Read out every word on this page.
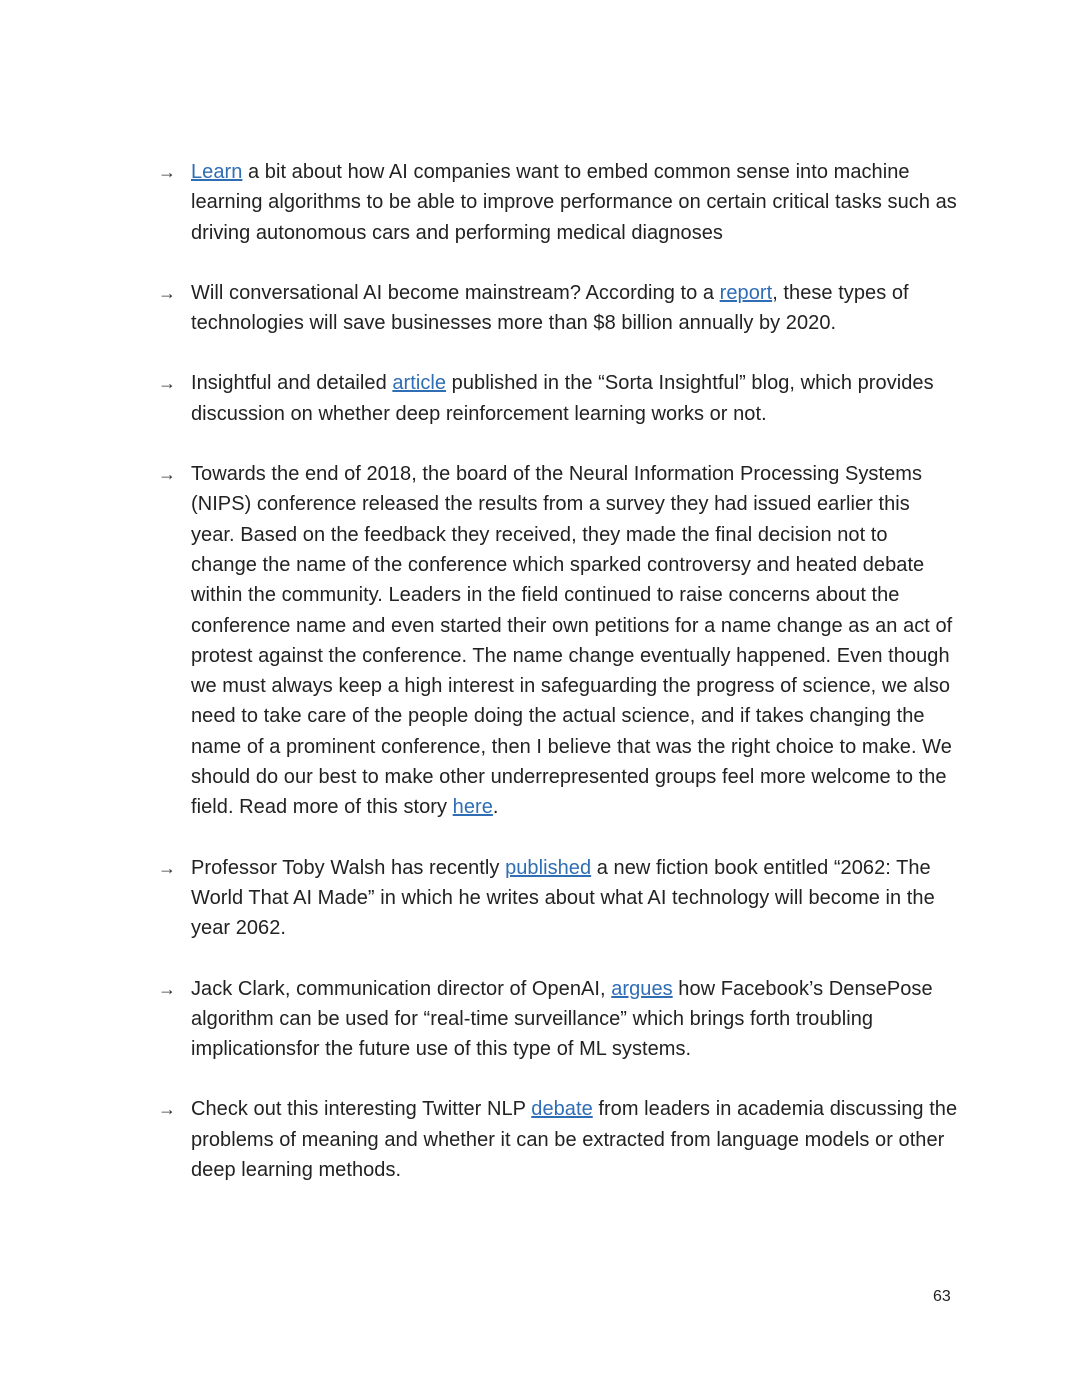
→ Learn a bit about how AI companies want to embed common sense into machine learning algorithms to be able to improve performance on certain critical tasks such as driving autonomous cars and performing medical diagnoses
→ Will conversational AI become mainstream? According to a report, these types of technologies will save businesses more than $8 billion annually by 2020.
→ Insightful and detailed article published in the “Sorta Insightful” blog, which provides discussion on whether deep reinforcement learning works or not.
→ Towards the end of 2018, the board of the Neural Information Processing Systems (NIPS) conference released the results from a survey they had issued earlier this year. Based on the feedback they received, they made the final decision not to change the name of the conference which sparked controversy and heated debate within the community. Leaders in the field continued to raise concerns about the conference name and even started their own petitions for a name change as an act of protest against the conference. The name change eventually happened. Even though we must always keep a high interest in safeguarding the progress of science, we also need to take care of the people doing the actual science, and if takes changing the name of a prominent conference, then I believe that was the right choice to make. We should do our best to make other underrepresented groups feel more welcome to the field. Read more of this story here.
→ Professor Toby Walsh has recently published a new fiction book entitled “2062: The World That AI Made” in which he writes about what AI technology will become in the year 2062.
→ Jack Clark, communication director of OpenAI, argues how Facebook’s DensePose algorithm can be used for “real-time surveillance” which brings forth troubling implicationsfor the future use of this type of ML systems.
→ Check out this interesting Twitter NLP debate from leaders in academia discussing the problems of meaning and whether it can be extracted from language models or other deep learning methods.
63
